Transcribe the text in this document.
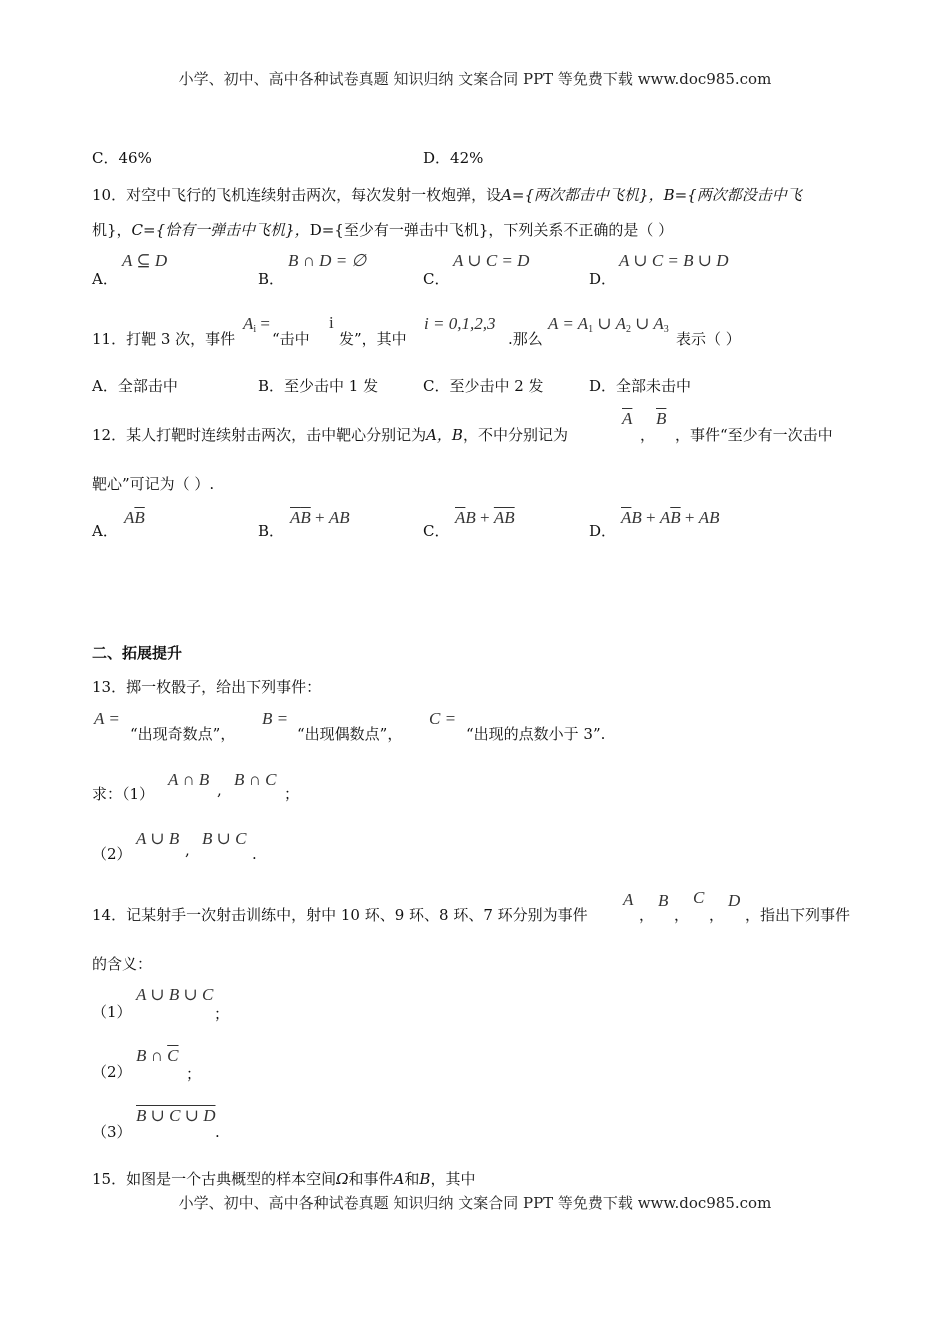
小学、初中、高中各种试卷真题 知识归纳 文案合同 PPT 等免费下载 www.doc985.com
C．46%	D．42%
10．对空中飞行的飞机连续射击两次，每次发射一枚炮弹，设A={两次都击中飞机}，B={两次都没击中飞
机}，C={恰有一弹击中飞机}，D={至少有一弹击中飞机}，下列关系不正确的是（ ）
A．
A ⊆ D
B．
B ∩ D = ∅
C．
A ∪ C = D
D．
A ∪ C = B ∪ D
11．打靶 3 次，事件
$A_i$ =
“击中
i
发”，其中
i = 0,1,2,3
.那么
$A = A_1$ ∪ $A_2$ ∪ $A_3$
表示（ ）
A．全部击中	B．至少击中 1 发	C．至少击中 2 发	D．全部未击中
12．某人打靶时连续射击两次，击中靶心分别记为A，B，不中分别记为
$\overline{A}$
，
$\overline{B}$
，事件“至少有一次击中
靶心”可记为（ ）.
A．
$A\overline{B}$
B．
$\overline{A}\overline{B}$ + AB
C．
$\overline{A}B + \overline{AB}$
D．
$\overline{A}B + A\overline{B}$ + AB
二、拓展提升
13．掷一枚骰子，给出下列事件：
A =
“出现奇数点”，
B =
“出现偶数点”，
C =
“出现的点数小于 3”.
求：（1）
A ∩ B
,
B ∩ C
；
（2）
A ∪ B
,
B ∪ C
.
14．记某射手一次射击训练中，射中 10 环、9 环、8 环、7 环分别为事件
A
，
B
，
C
，
D
，指出下列事件
的含义：
（1）
A ∪ B ∪ C
；
（2）
B ∩ $\overline{C}$
；
（3）
B ∪ C ∪ D
.
15．如图是一个古典概型的样本空间Ω和事件A和B，其中
小学、初中、高中各种试卷真题 知识归纳 文案合同 PPT 等免费下载 www.doc985.com
